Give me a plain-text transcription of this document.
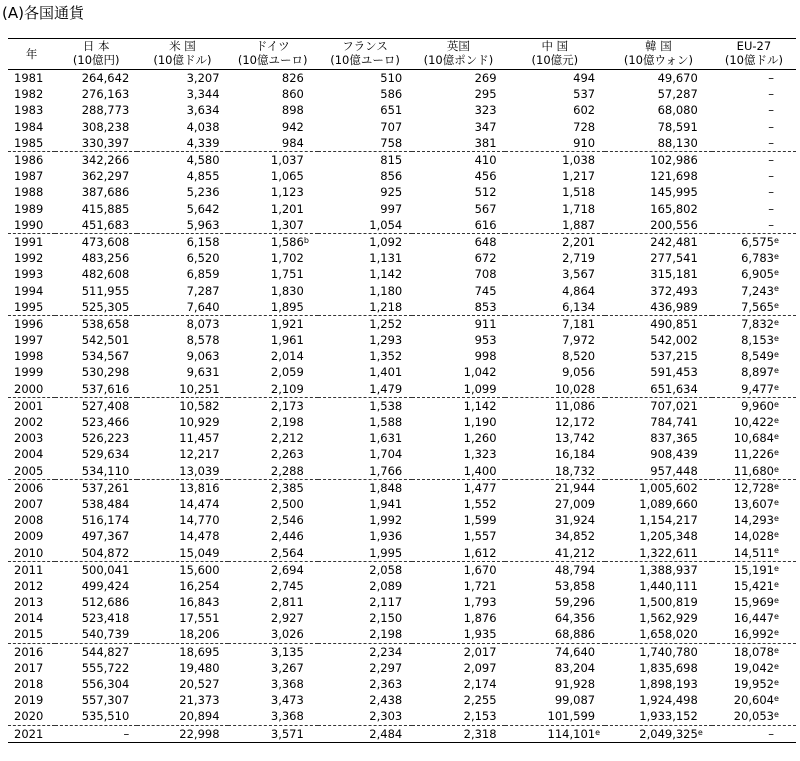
(A)各国通貨
年	日 本	米 国	ドイツ	フランス	英国	中 国	韓 国	EU-27
	(10億円)	(10億ドル)	(10億ユーロ)	(10億ユーロ)	(10億ポンド)	(10億元)	(10億ウォン)	(10億ドル)
1981	264,642	3,207	826	510	269	494	49,670	–
1982	276,163	3,344	860	586	295	537	57,287	–
1983	288,773	3,634	898	651	323	602	68,080	–
1984	308,238	4,038	942	707	347	728	78,591	–
1985	330,397	4,339	984	758	381	910	88,130	–
1986	342,266	4,580	1,037	815	410	1,038	102,986	–
1987	362,297	4,855	1,065	856	456	1,217	121,698	–
1988	387,686	5,236	1,123	925	512	1,518	145,995	–
1989	415,885	5,642	1,201	997	567	1,718	165,802	–
1990	451,683	5,963	1,307	1,054	616	1,887	200,556	–
1991	473,608	6,158	1,586 b	1,092	648	2,201	242,481	6,575 e

1992	483,256	6,520	1,702	1,131	672	2,719	277,541	6,783 e

1993	482,608	6,859	1,751	1,142	708	3,567	315,181	6,905 e

1994	511,955	7,287	1,830	1,180	745	4,864	372,493	7,243 e

1995	525,305	7,640	1,895	1,218	853	6,134	436,989	7,565 e

1996	538,658	8,073	1,921	1,252	911	7,181	490,851	7,832 e

1997	542,501	8,578	1,961	1,293	953	7,972	542,002	8,153 e

1998	534,567	9,063	2,014	1,352	998	8,520	537,215	8,549 e

1999	530,298	9,631	2,059	1,401	1,042	9,056	591,453	8,897 e

2000	537,616	10,251	2,109	1,479	1,099	10,028	651,634	9,477 e

2001	527,408	10,582	2,173	1,538	1,142	11,086	707,021	9,960 e

2002	523,466	10,929	2,198	1,588	1,190	12,172	784,741	10,422 e

2003	526,223	11,457	2,212	1,631	1,260	13,742	837,365	10,684 e

2004	529,634	12,217	2,263	1,704	1,323	16,184	908,439	11,226 e

2005	534,110	13,039	2,288	1,766	1,400	18,732	957,448	11,680 e

2006	537,261	13,816	2,385	1,848	1,477	21,944	1,005,602	12,728 e

2007	538,484	14,474	2,500	1,941	1,552	27,009	1,089,660	13,607 e

2008	516,174	14,770	2,546	1,992	1,599	31,924	1,154,217	14,293 e

2009	497,367	14,478	2,446	1,936	1,557	34,852	1,205,348	14,028 e

2010	504,872	15,049	2,564	1,995	1,612	41,212	1,322,611	14,511 e

2011	500,041	15,600	2,694	2,058	1,670	48,794	1,388,937	15,191 e

2012	499,424	16,254	2,745	2,089	1,721	53,858	1,440,111	15,421 e

2013	512,686	16,843	2,811	2,117	1,793	59,296	1,500,819	15,969 e

2014	523,418	17,551	2,927	2,150	1,876	64,356	1,562,929	16,447 e

2015	540,739	18,206	3,026	2,198	1,935	68,886	1,658,020	16,992 e

2016	544,827	18,695	3,135	2,234	2,017	74,640	1,740,780	18,078 e

2017	555,722	19,480	3,267	2,297	2,097	83,204	1,835,698	19,042 e

2018	556,304	20,527	3,368	2,363	2,174	91,928	1,898,193	19,952 e

2019	557,307	21,373	3,473	2,438	2,255	99,087	1,924,498	20,604 e

2020	535,510	20,894	3,368	2,303	2,153	101,599	1,933,152	20,053 e

2021	–	22,998	3,571	2,484	2,318	114,101 e	2,049,325 e	–
